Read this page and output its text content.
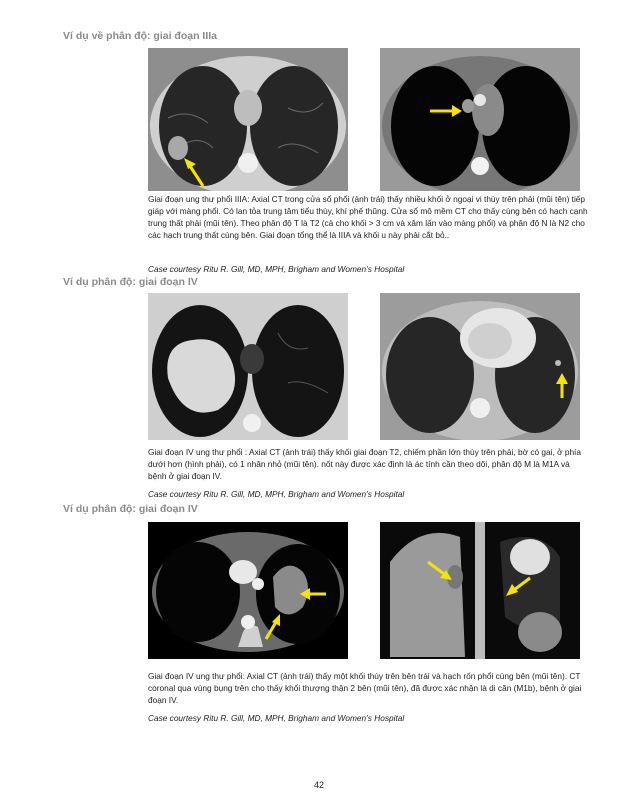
Ví dụ về phân độ: giai đoạn IIIa

Giai đoạn ung thư phổi IIIA: Axial CT trong cửa sổ phổi (ảnh trái) thấy nhiều khối ở ngoại vi thùy trên phải (mũi tên) tiếp giáp với màng phổi. Có lan tỏa trung tâm tiểu thùy, khí phế thũng. Cửa sổ mô mềm CT cho thấy cùng bên có hạch cạnh trung thất phải (mũi tên). Theo phân độ T là T2 (cả cho khối > 3 cm và xâm lấn vào màng phổi) và phân độ N là N2 cho các hạch trung thất cùng bên. Giai đoạn tổng thể là IIIA và khối u này phải cắt bỏ..

Case courtesy Ritu R. Gill, MD, MPH, Brigham and Women’s Hospital

Ví dụ phân độ: giai đoạn IV

Giai đoạn IV ung thư phổi : Axial CT (ảnh trái) thấy khối giai đoạn T2, chiếm phần lớn thùy trên phải, bờ có gai, ở phía dưới hơn (hình phải), có 1 nhân nhỏ (mũi tên). nốt này được xác định là ác tính cần theo dõi, phân độ M là M1A và bệnh ở giai đoạn IV.

Case courtesy Ritu R. Gill, MD, MPH, Brigham and Women’s Hospital

Ví dụ phân độ: giai đoạn IV

Giai đoạn IV ung thư phổi: Axial CT (ảnh trái) thấy một khối thùy trên bên trái và hạch rốn phổi cùng bên (mũi tên). CT coronal qua vùng bụng trên cho thấy khối thượng thận 2 bên (mũi tên), đã được xác nhận là di căn (M1b), bệnh ở giai đoạn IV.

Case courtesy Ritu R. Gill, MD, MPH, Brigham and Women’s Hospital

42
